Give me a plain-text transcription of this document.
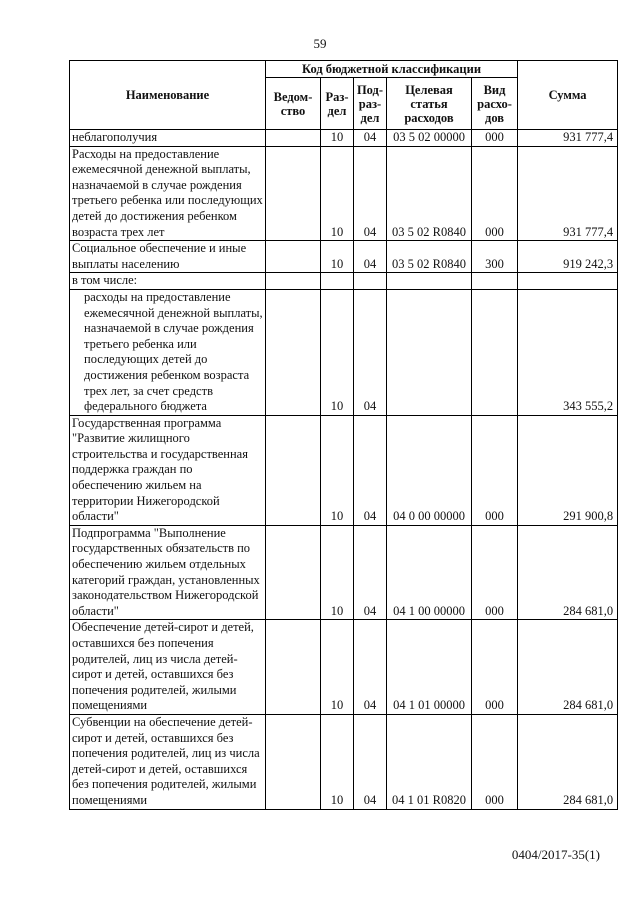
59
Наименование	Код бюджетной классификации					Сумма
	Ведом-ство	Раз-дел	Под-раз-дел	Целевая статья расходов	Вид расхо-дов	
неблагополучия		10	04	03 5 02 00000	000	931 777,4
Расходы на предоставление ежемесячной денежной выплаты, назначаемой в случае рождения третьего ребенка или последующих детей до достижения ребенком возраста трех лет		10	04	03 5 02 R0840	000	931 777,4
Социальное обеспечение и иные выплаты населению		10	04	03 5 02 R0840	300	919 242,3
в том числе:						
расходы на предоставление ежемесячной денежной выплаты, назначаемой в случае рождения третьего ребенка или последующих детей до достижения ребенком возраста трех лет, за счет средств федерального бюджета		10	04			343 555,2
Государственная программа "Развитие жилищного строительства и государственная поддержка граждан по обеспечению жильем на территории Нижегородской области"		10	04	04 0 00 00000	000	291 900,8
Подпрограмма "Выполнение государственных обязательств по обеспечению жильем отдельных категорий граждан, установленных законодательством Нижегородской области"		10	04	04 1 00 00000	000	284 681,0
Обеспечение детей-сирот и детей, оставшихся без попечения родителей, лиц из числа детей-сирот и детей, оставшихся без попечения родителей, жилыми помещениями		10	04	04 1 01 00000	000	284 681,0
Субвенции на обеспечение детей-сирот и детей, оставшихся без попечения родителей, лиц из числа детей-сирот и детей, оставшихся без попечения родителей, жилыми помещениями		10	04	04 1 01 R0820	000	284 681,0
0404/2017-35(1)
